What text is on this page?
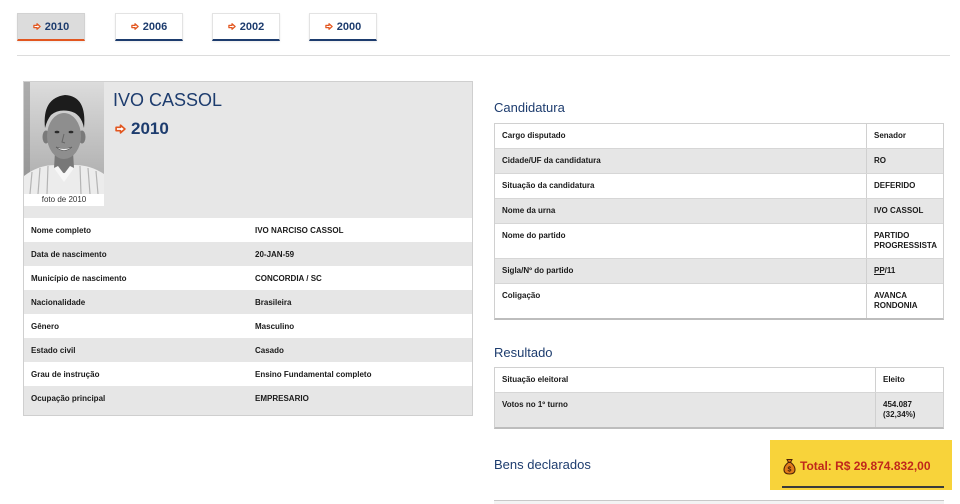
2010	2006	2002	2000
foto de 2010
IVO CASSOL
2010
Nome completo	IVO NARCISO CASSOL
Data de nascimento	20-JAN-59
Município de nascimento	CONCORDIA / SC
Nacionalidade	Brasileira
Gênero	Masculino
Estado civil	Casado
Grau de instrução	Ensino Fundamental completo
Ocupação principal	EMPRESARIO
Candidatura
Cargo disputado	Senador
Cidade/UF da candidatura	RO
Situação da candidatura	DEFERIDO
Nome da urna	IVO CASSOL
Nome do partido	PARTIDO PROGRESSISTA
Sigla/Nº do partido	PP/11
Coligação	AVANCA RONDONIA
Resultado
Situação eleitoral	Eleito
Votos no 1º turno	454.087 (32,34%)
Bens declarados	$ Total: R$ 29.874.832,00
